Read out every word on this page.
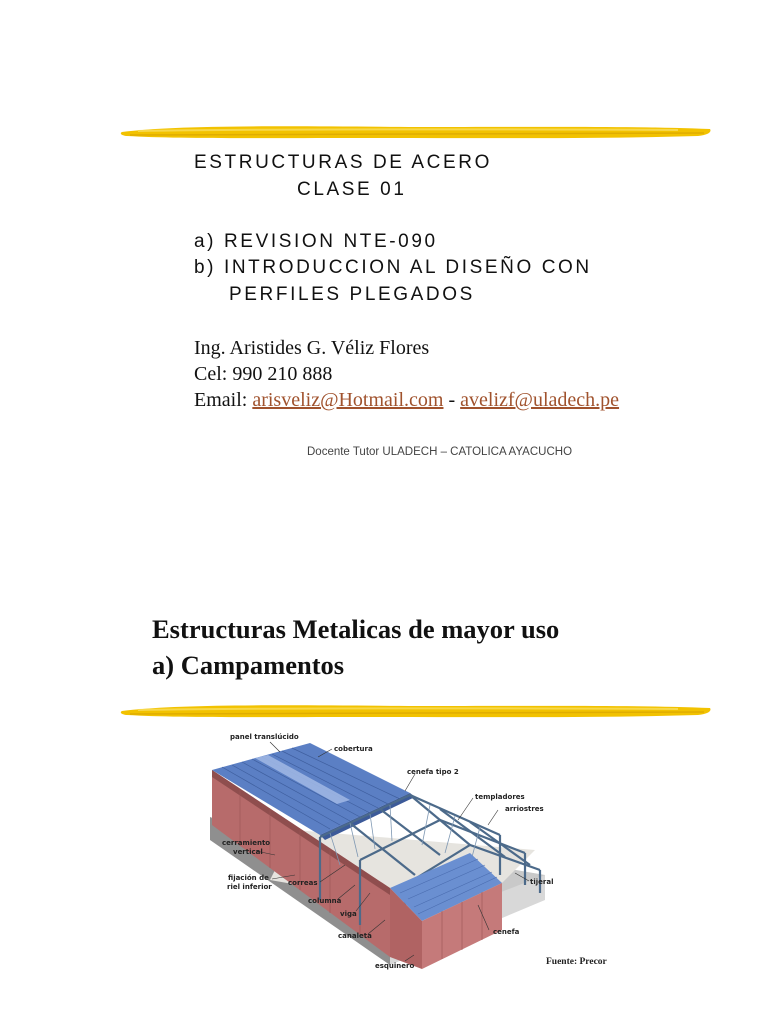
ESTRUCTURAS DE ACERO
CLASE 01
a) REVISION NTE-090
b) INTRODUCCION AL DISEÑO CON
PERFILES PLEGADOS
Ing. Aristides G. Véliz Flores
Cel: 990 210 888
Email: arisveliz@Hotmail.com - avelizf@uladech.pe
Docente Tutor ULADECH – CATOLICA AYACUCHO
Estructuras Metalicas de mayor uso
a) Campamentos
panel translúcido
cobertura
cenefa tipo 2
templadores
arriostres
cerramiento
vertical
fijación de
riel inferior correas
columna
viga
canaleta
esquinero
cenefa
tijeral
Fuente: Precor
